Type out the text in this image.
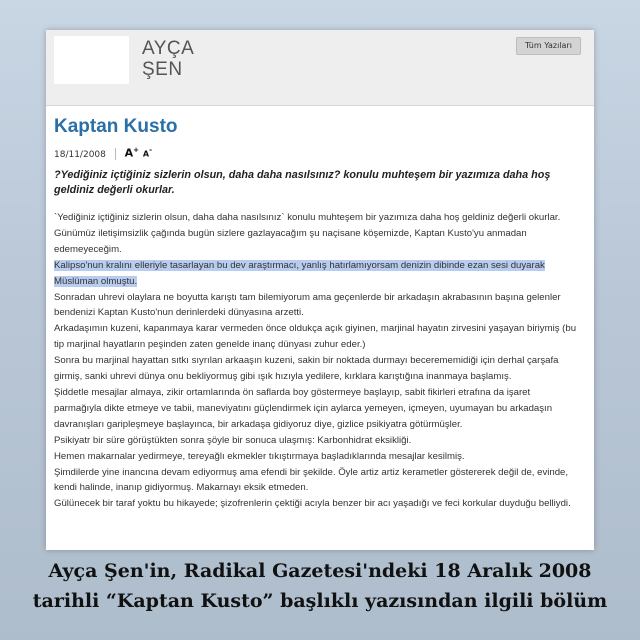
AYÇA
ŞEN
Tüm Yazıları
Kaptan Kusto
18/11/2008 A+ A-

?Yediğiniz içtiğiniz sizlerin olsun, daha daha nasılsınız? konulu muhteşem bir yazımıza daha hoş geldiniz değerli okurlar.

`Yediğiniz içtiğiniz sizlerin olsun, daha daha nasılsınız` konulu muhteşem bir yazımıza daha hoş geldiniz değerli okurlar.

Günümüz iletişimsizlik çağında bugün sizlere gazlayacağım şu naçisane köşemizde, Kaptan Kusto'yu anmadan edemeyeceğim.

Kalipso'nun kralını elleriyle tasarlayan bu dev araştırmacı, yanlış hatırlamıyorsam denizin dibinde ezan sesi duyarak Müslüman olmuştu.

Sonradan uhrevi olaylara ne boyutta karıştı tam bilemiyorum ama geçenlerde bir arkadaşın akrabasının başına gelenler bendenizi Kaptan Kusto'nun derinlerdeki dünyasına arzetti.

Arkadaşımın kuzeni, kapanmaya karar vermeden önce oldukça açık giyinen, marjinal hayatın zirvesini yaşayan biriymiş (bu tip marjinal hayatların peşinden zaten genelde inanç dünyası zuhur eder.)

Sonra bu marjinal hayattan sıtkı sıyrılan arkaaşın kuzeni, sakin bir noktada durmayı becerememidiği için derhal çarşafa girmiş, sanki uhrevi dünya onu bekliyormuş gibi ışık hızıyla yedilere, kırklara karıştığına inanmaya başlamış.

Şiddetle mesajlar almaya, zikir ortamlarında ön saflarda boy göstermeye başlayıp, sabit fikirleri etrafına da işaret parmağıyla dikte etmeye ve tabii, maneviyatını güçlendirmek için aylarca yemeyen, içmeyen, uyumayan bu arkadaşın davranışları garipleşmeye başlayınca, bir arkadaşa gidiyoruz diye, gizlice psikiyatra götürmüşler.

Psikiyatr bir süre görüştükten sonra şöyle bir sonuca ulaşmış: Karbonhidrat eksikliği.

Hemen makarnalar yedirmeye, tereyağlı ekmekler tıkıştırmaya başladıklarında mesajlar kesilmiş.

Şimdilerde yine inancına devam ediyormuş ama efendi bir şekilde. Öyle artiz artiz kerametler göstererek değil de, evinde, kendi halinde, inanıp gidiyormuş. Makarnayı eksik etmeden.

Gülünecek bir taraf yoktu bu hikayede; şizofrenlerin çektiği acıyla benzer bir acı yaşadığı ve feci korkular duyduğu belliydi.

Ayça Şen'in, Radikal Gazetesi'ndeki 18 Aralık 2008
tarihli “Kaptan Kusto” başlıklı yazısından ilgili bölüm
